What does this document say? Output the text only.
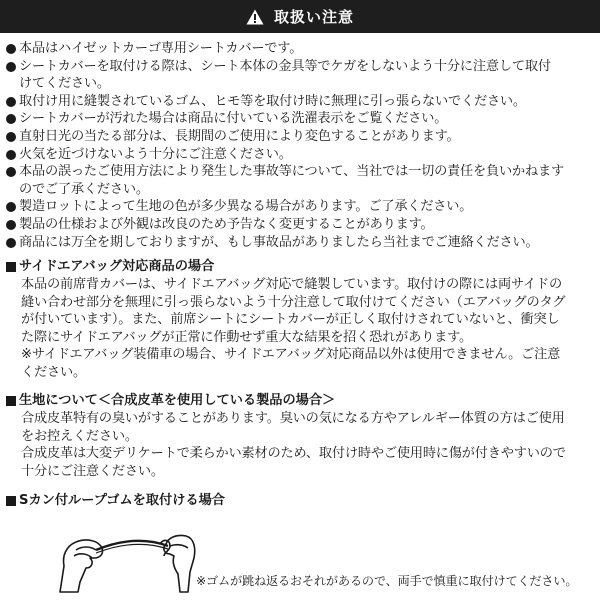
取扱い注意
本品はハイゼットカーゴ専用シートカバーです。
シートカバーを取付ける際は、シート本体の金具等でケガをしないよう十分に注意して取付
けてください。
取付け用に縫製されているゴム、ヒモ等を取付け時に無理に引っ張らないでください。
シートカバーが汚れた場合は商品に付いている洗濯表示をご覧ください。
直射日光の当たる部分は、長期間のご使用により変色することがあります。
火気を近づけないよう十分にご注意ください。
本品の誤ったご使用方法により発生した事故等について、当社では一切の責任を負いかねます
のでご了承ください。
製造ロットによって生地の色が多少異なる場合があります。ご了承ください。
製品の仕様および外観は改良のため予告なく変更することがあります。
商品には万全を期しておりますが、もし事故品がありましたら当社までご連絡ください。
サイドエアバッグ対応商品の場合

本品の前席背カバーは、サイドエアバッグ対応で縫製しています。取付けの際には両サイドの

縫い合わせ部分を無理に引っ張らないよう十分注意して取付けてください（エアバッグのタグ

が付いています）。また、前席シートにシートカバーが正しく取付けされていないと、衝突し

た際にサイドエアバッグが正常に作動せず重大な結果を招く恐れがあります。

※サイドエアバッグ装備車の場合、サイドエアバッグ対応商品以外は使用できません。ご注意

ください。

生地について＜合成皮革を使用している製品の場合＞

合成皮革特有の臭いがすることがあります。臭いの気になる方やアレルギー体質の方はご使用

をお控えください。

合成皮革は大変デリケートで柔らかい素材のため、取付け時やご使用時に傷が付きやすいので

十分にご注意ください。

Sカン付ループゴムを取付ける場合
※ゴムが跳ね返るおそれがあるので、両手で慎重に取付けてください。
